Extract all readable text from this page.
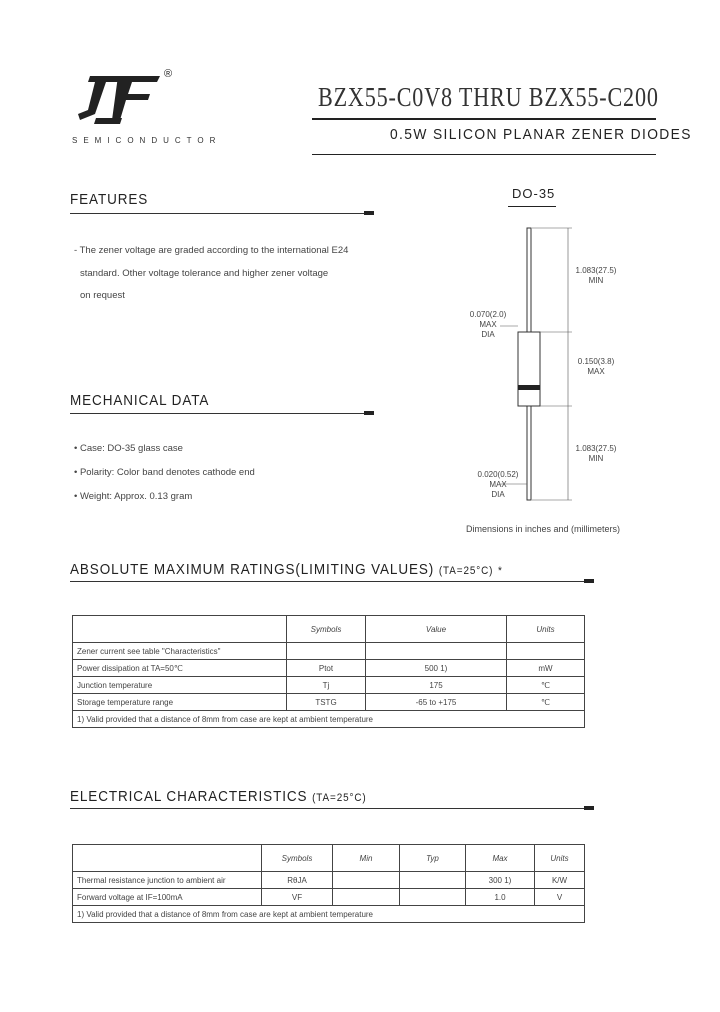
®
SEMICONDUCTOR
BZX55-C0V8 THRU BZX55-C200
0.5W SILICON PLANAR ZENER DIODES
FEATURES
- The zener voltage are graded according to the international E24
standard. Other voltage tolerance and higher zener voltage
on request
MECHANICAL DATA
• Case: DO-35 glass case
• Polarity: Color band denotes cathode end
• Weight: Approx. 0.13 gram
DO-35
1.083(27.5)
MIN
0.070(2.0)
MAX
DIA
0.150(3.8)
MAX
1.083(27.5)
MIN
0.020(0.52)
MAX
DIA
Dimensions in inches and (millimeters)
ABSOLUTE MAXIMUM RATINGS(LIMITING VALUES) (TA=25°C) *
	Symbols	Value	Units
Zener current see table "Characteristics"			
Power dissipation at TA=50℃	Ptot	500 1)	mW
Junction temperature	Tj	175	℃
Storage temperature range	TSTG	-65 to +175	℃
1) Valid provided that a distance of 8mm from case are kept at ambient temperature			
ELECTRICAL CHARACTERISTICS (TA=25°C)
	Symbols	Min	Typ	Max	Units
Thermal resistance junction to ambient air	RθJA			300 1)	K/W
Forward voltage at IF=100mA	VF			1.0	V
1) Valid provided that a distance of 8mm from case are kept at ambient temperature					
